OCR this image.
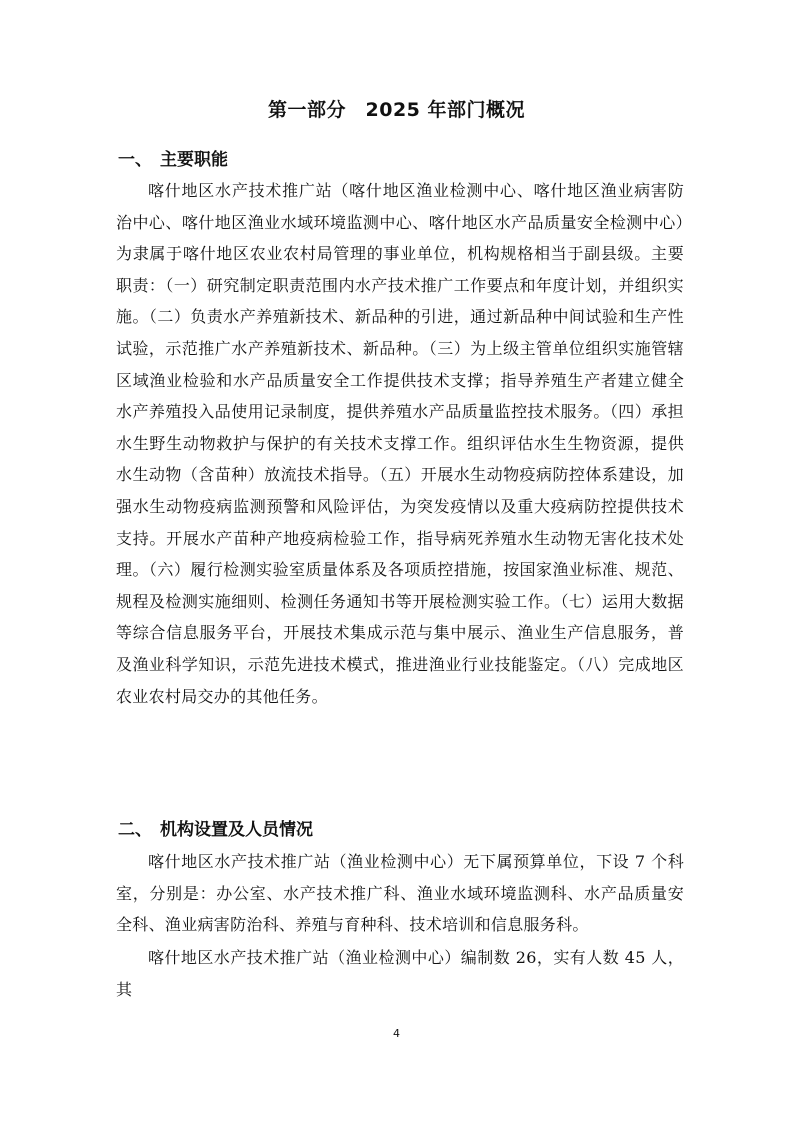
第一部分　2025 年部门概况
一、 主要职能

喀什地区水产技术推广站（喀什地区渔业检测中心、喀什地区渔业病害防治中心、喀什地区渔业水域环境监测中心、喀什地区水产品质量安全检测中心）为隶属于喀什地区农业农村局管理的事业单位，机构规格相当于副县级。主要职责：（一）研究制定职责范围内水产技术推广工作要点和年度计划，并组织实施。（二）负责水产养殖新技术、新品种的引进，通过新品种中间试验和生产性试验，示范推广水产养殖新技术、新品种。（三）为上级主管单位组织实施管辖区域渔业检验和水产品质量安全工作提供技术支撑；指导养殖生产者建立健全水产养殖投入品使用记录制度，提供养殖水产品质量监控技术服务。（四）承担水生野生动物救护与保护的有关技术支撑工作。组织评估水生生物资源，提供水生动物（含苗种）放流技术指导。（五）开展水生动物疫病防控体系建设，加强水生动物疫病监测预警和风险评估，为突发疫情以及重大疫病防控提供技术支持。开展水产苗种产地疫病检验工作，指导病死养殖水生动物无害化技术处理。（六）履行检测实验室质量体系及各项质控措施，按国家渔业标准、规范、规程及检测实施细则、检测任务通知书等开展检测实验工作。（七）运用大数据等综合信息服务平台，开展技术集成示范与集中展示、渔业生产信息服务，普及渔业科学知识，示范先进技术模式，推进渔业行业技能鉴定。（八）完成地区农业农村局交办的其他任务。

二、 机构设置及人员情况

喀什地区水产技术推广站（渔业检测中心）无下属预算单位，下设 7 个科室，分别是：办公室、水产技术推广科、渔业水域环境监测科、水产品质量安全科、渔业病害防治科、养殖与育种科、技术培训和信息服务科。

喀什地区水产技术推广站（渔业检测中心）编制数 26，实有人数 45 人，其

4
